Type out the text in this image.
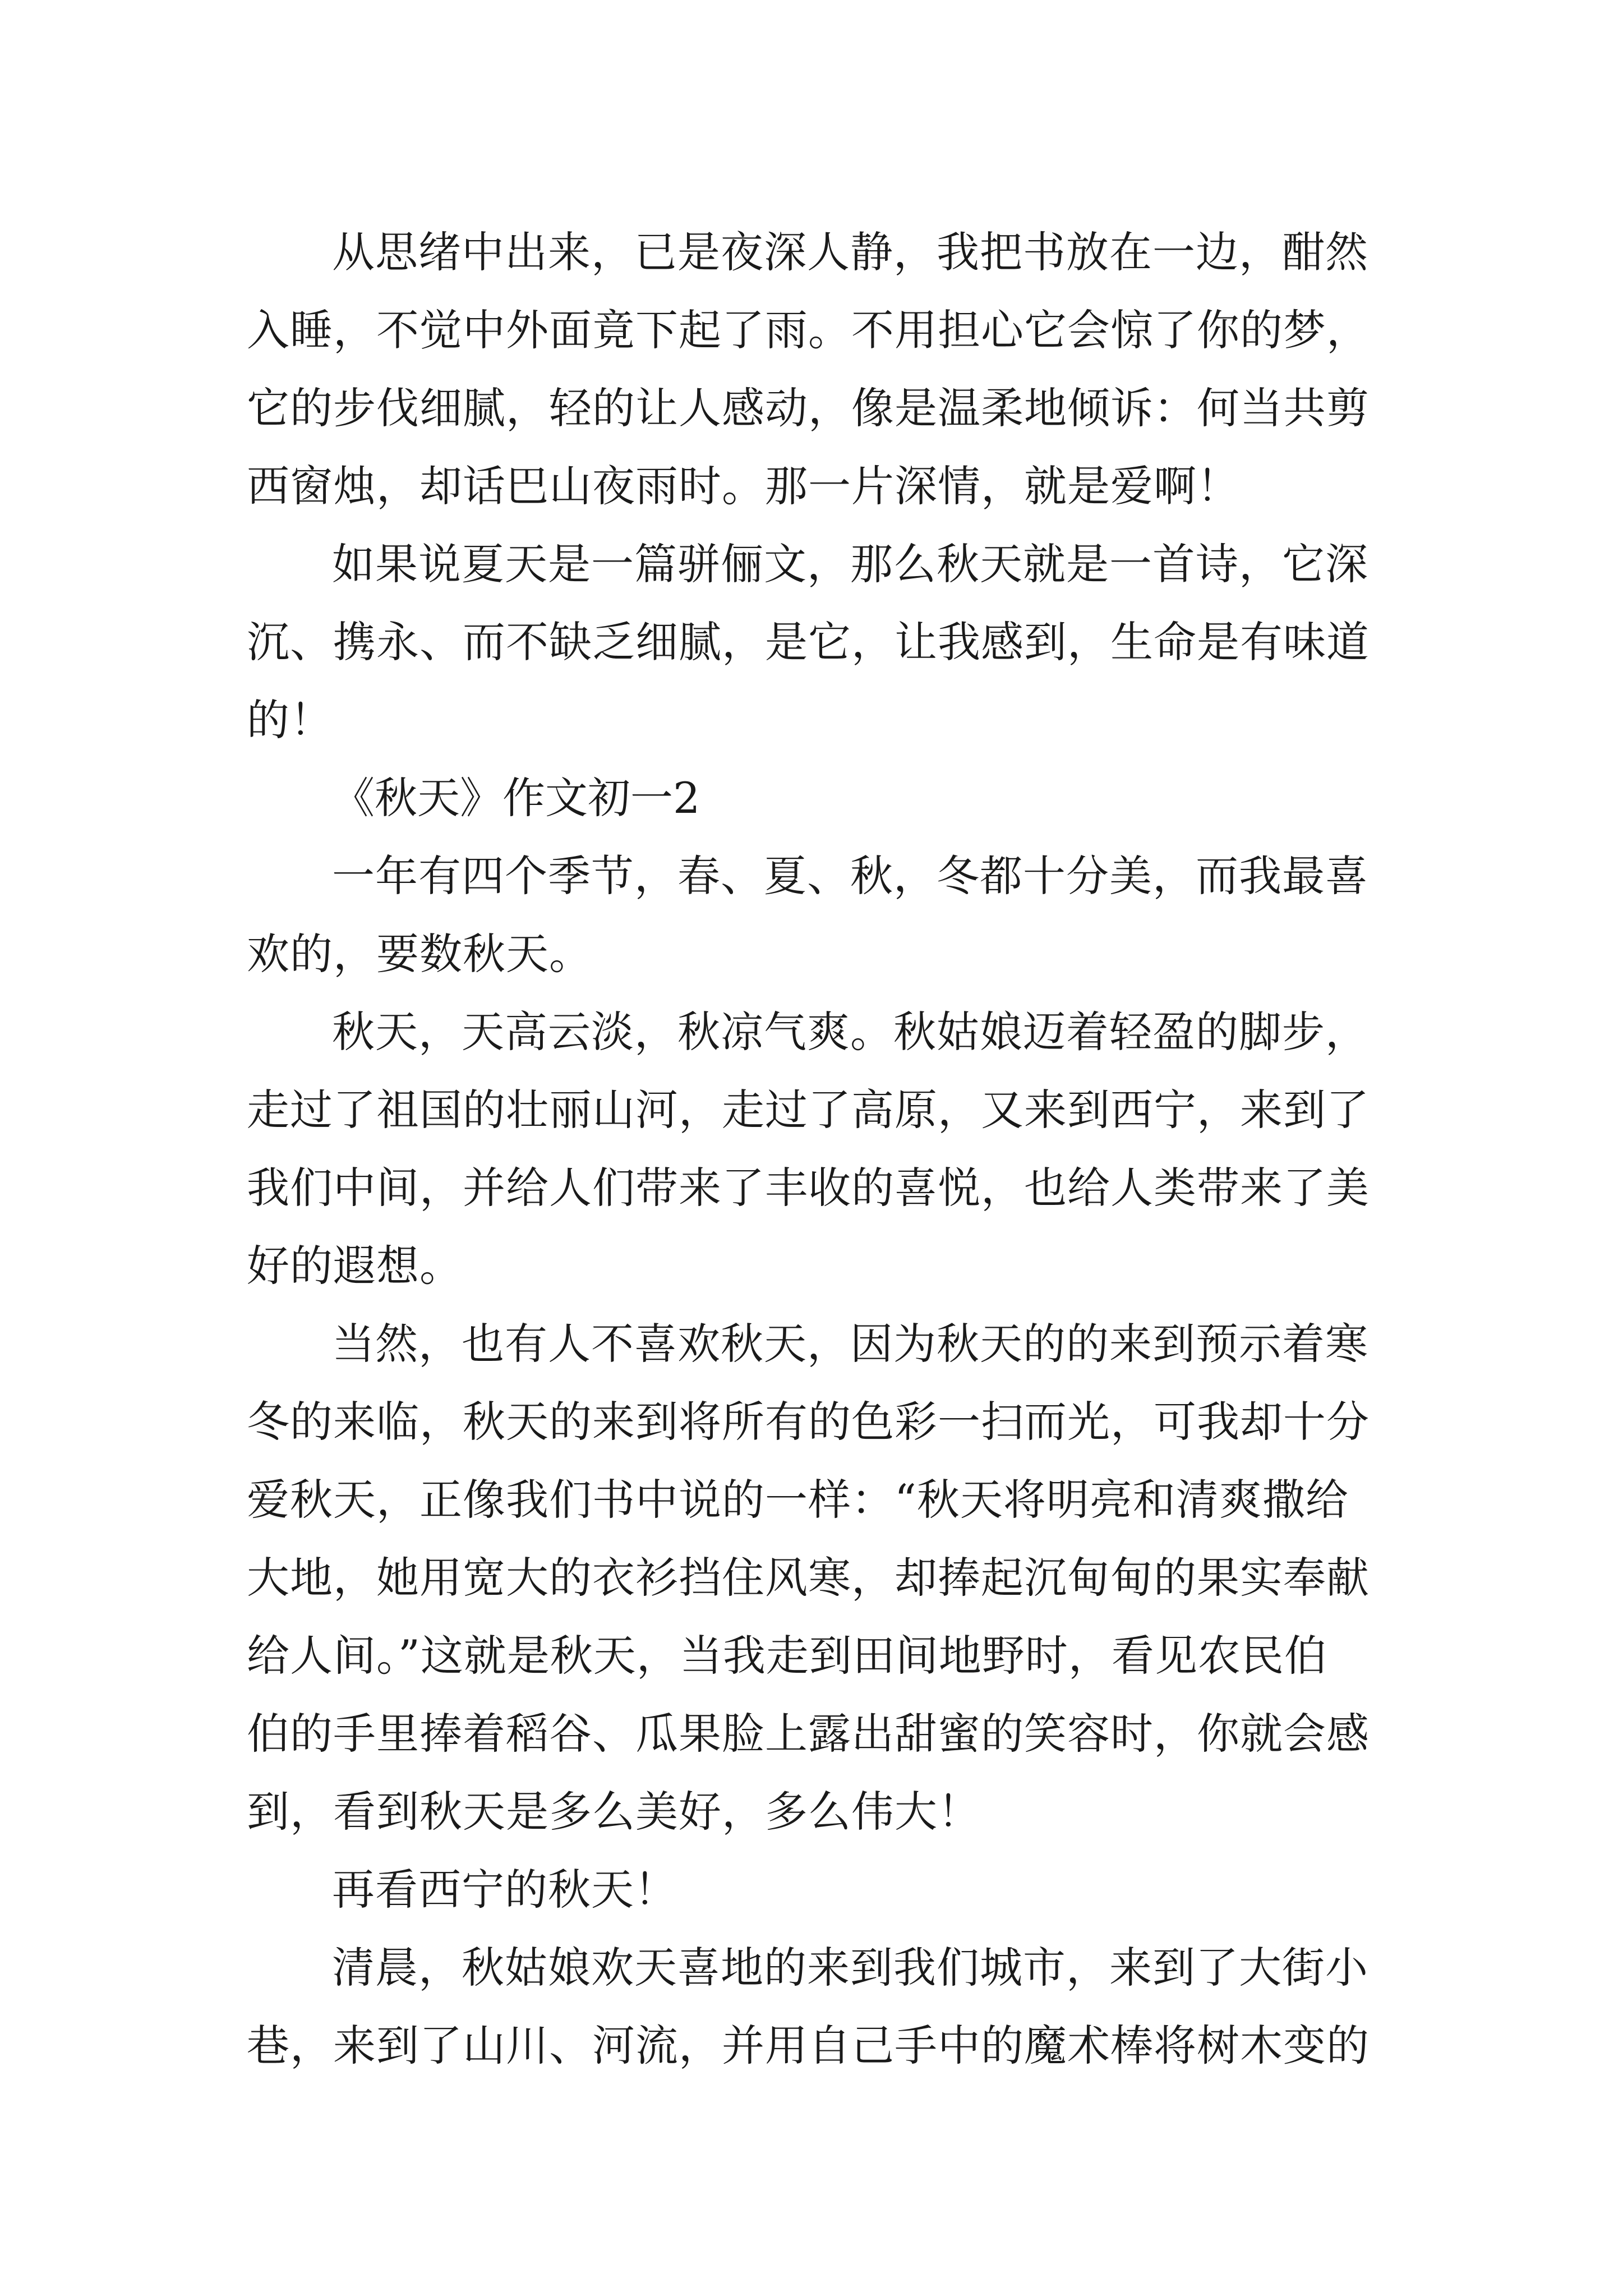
从思绪中出来，已是夜深人静，我把书放在一边，酣然
入睡，不觉中外面竟下起了雨。不用担心它会惊了你的梦，
它的步伐细腻，轻的让人感动，像是温柔地倾诉：何当共剪
西窗烛，却话巴山夜雨时。那一片深情，就是爱啊！

如果说夏天是一篇骈俪文，那么秋天就是一首诗，它深
沉、携永、而不缺乏细腻，是它，让我感到，生命是有味道
的！

《秋天》作文初一2

一年有四个季节，春、夏、秋，冬都十分美，而我最喜
欢的，要数秋天。

秋天，天高云淡，秋凉气爽。秋姑娘迈着轻盈的脚步，
走过了祖国的壮丽山河，走过了高原，又来到西宁，来到了
我们中间，并给人们带来了丰收的喜悦，也给人类带来了美
好的遐想。

当然，也有人不喜欢秋天，因为秋天的的来到预示着寒
冬的来临，秋天的来到将所有的色彩一扫而光，可我却十分
爱秋天，正像我们书中说的一样：“秋天将明亮和清爽撒给
大地，她用宽大的衣衫挡住风寒，却捧起沉甸甸的果实奉献
给人间。”这就是秋天，当我走到田间地野时，看见农民伯
伯的手里捧着稻谷、瓜果脸上露出甜蜜的笑容时，你就会感
到，看到秋天是多么美好，多么伟大！

再看西宁的秋天！

清晨，秋姑娘欢天喜地的来到我们城市，来到了大街小
巷，来到了山川、河流，并用自己手中的魔术棒将树木变的
